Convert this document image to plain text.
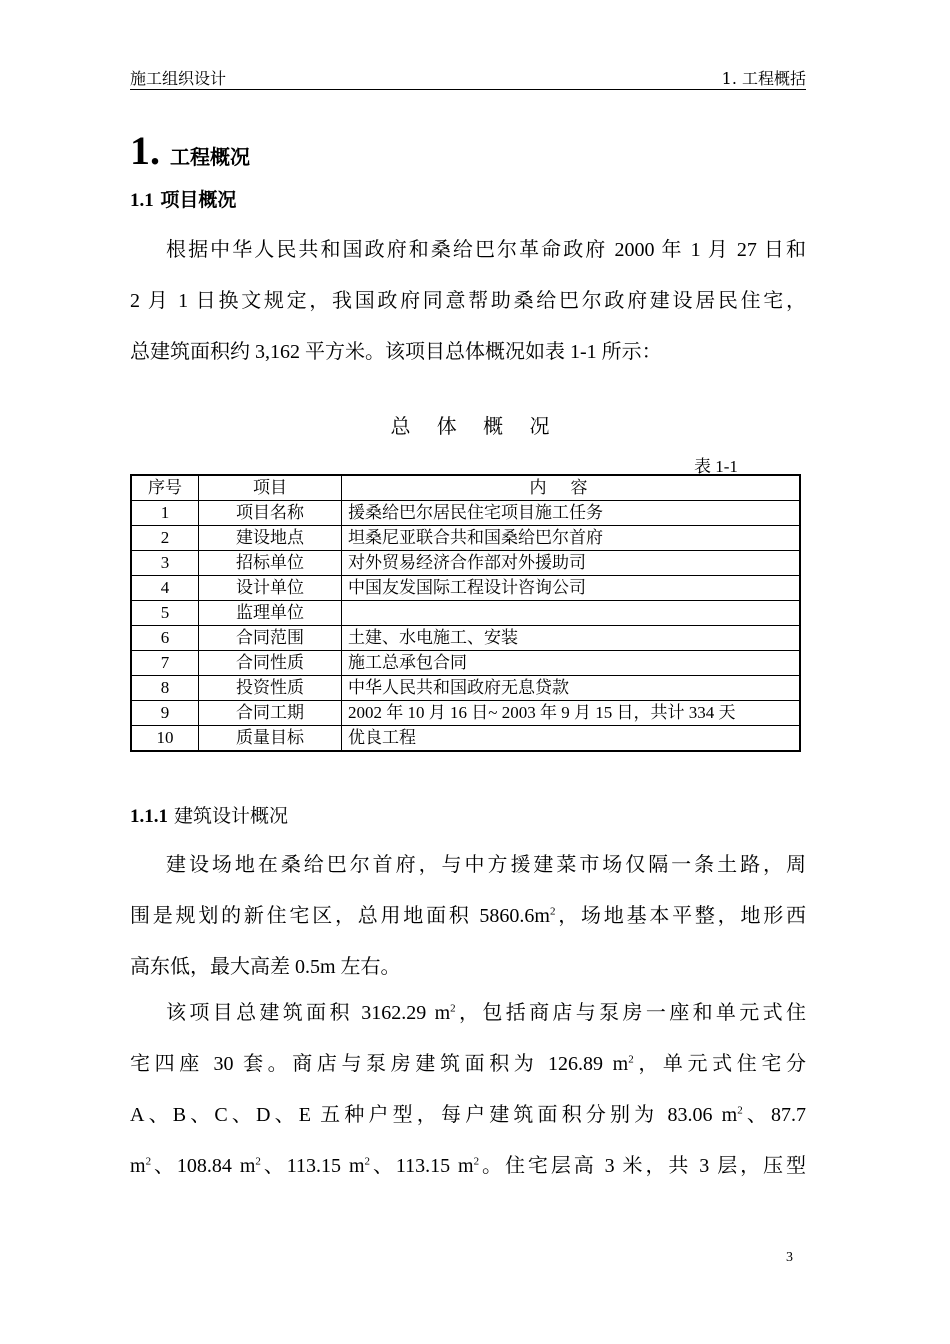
施工组织设计	1. 工程概括
1. 工程概况
1.1 项目概况
根据中华人民共和国政府和桑给巴尔革命政府 2000 年 1 月 27 日和
2 月 1 日换文规定，我国政府同意帮助桑给巴尔政府建设居民住宅，
总建筑面积约 3,162 平方米。该项目总体概况如表 1-1 所示：
总 体 概 况
表 1-1
序号	项目	内容
1	项目名称	援桑给巴尔居民住宅项目施工任务
2	建设地点	坦桑尼亚联合共和国桑给巴尔首府
3	招标单位	对外贸易经济合作部对外援助司
4	设计单位	中国友发国际工程设计咨询公司
5	监理单位	
6	合同范围	土建、水电施工、安装
7	合同性质	施工总承包合同
8	投资性质	中华人民共和国政府无息贷款
9	合同工期	2002 年 10 月 16 日~ 2003 年 9 月 15 日，共计 334 天
10	质量目标	优良工程
1.1.1 建筑设计概况
建设场地在桑给巴尔首府，与中方援建菜市场仅隔一条土路，周
围是规划的新住宅区，总用地面积 $5860.6m^2$，场地基本平整，地形西
高东低，最大高差 0.5m 左右。
该项目总建筑面积 3162.29 $m^2$，包括商店与泵房一座和单元式住
宅四座 30 套。商店与泵房建筑面积为 126.89 $m^2$，单元式住宅分
A、B、C、D、E 五种户型，每户建筑面积分别为 83.06 $m^2$、87.7
$m^2$、108.84 $m^2$、113.15 $m^2$、113.15 $m^2$。住宅层高 3 米，共 3 层，压型
3
